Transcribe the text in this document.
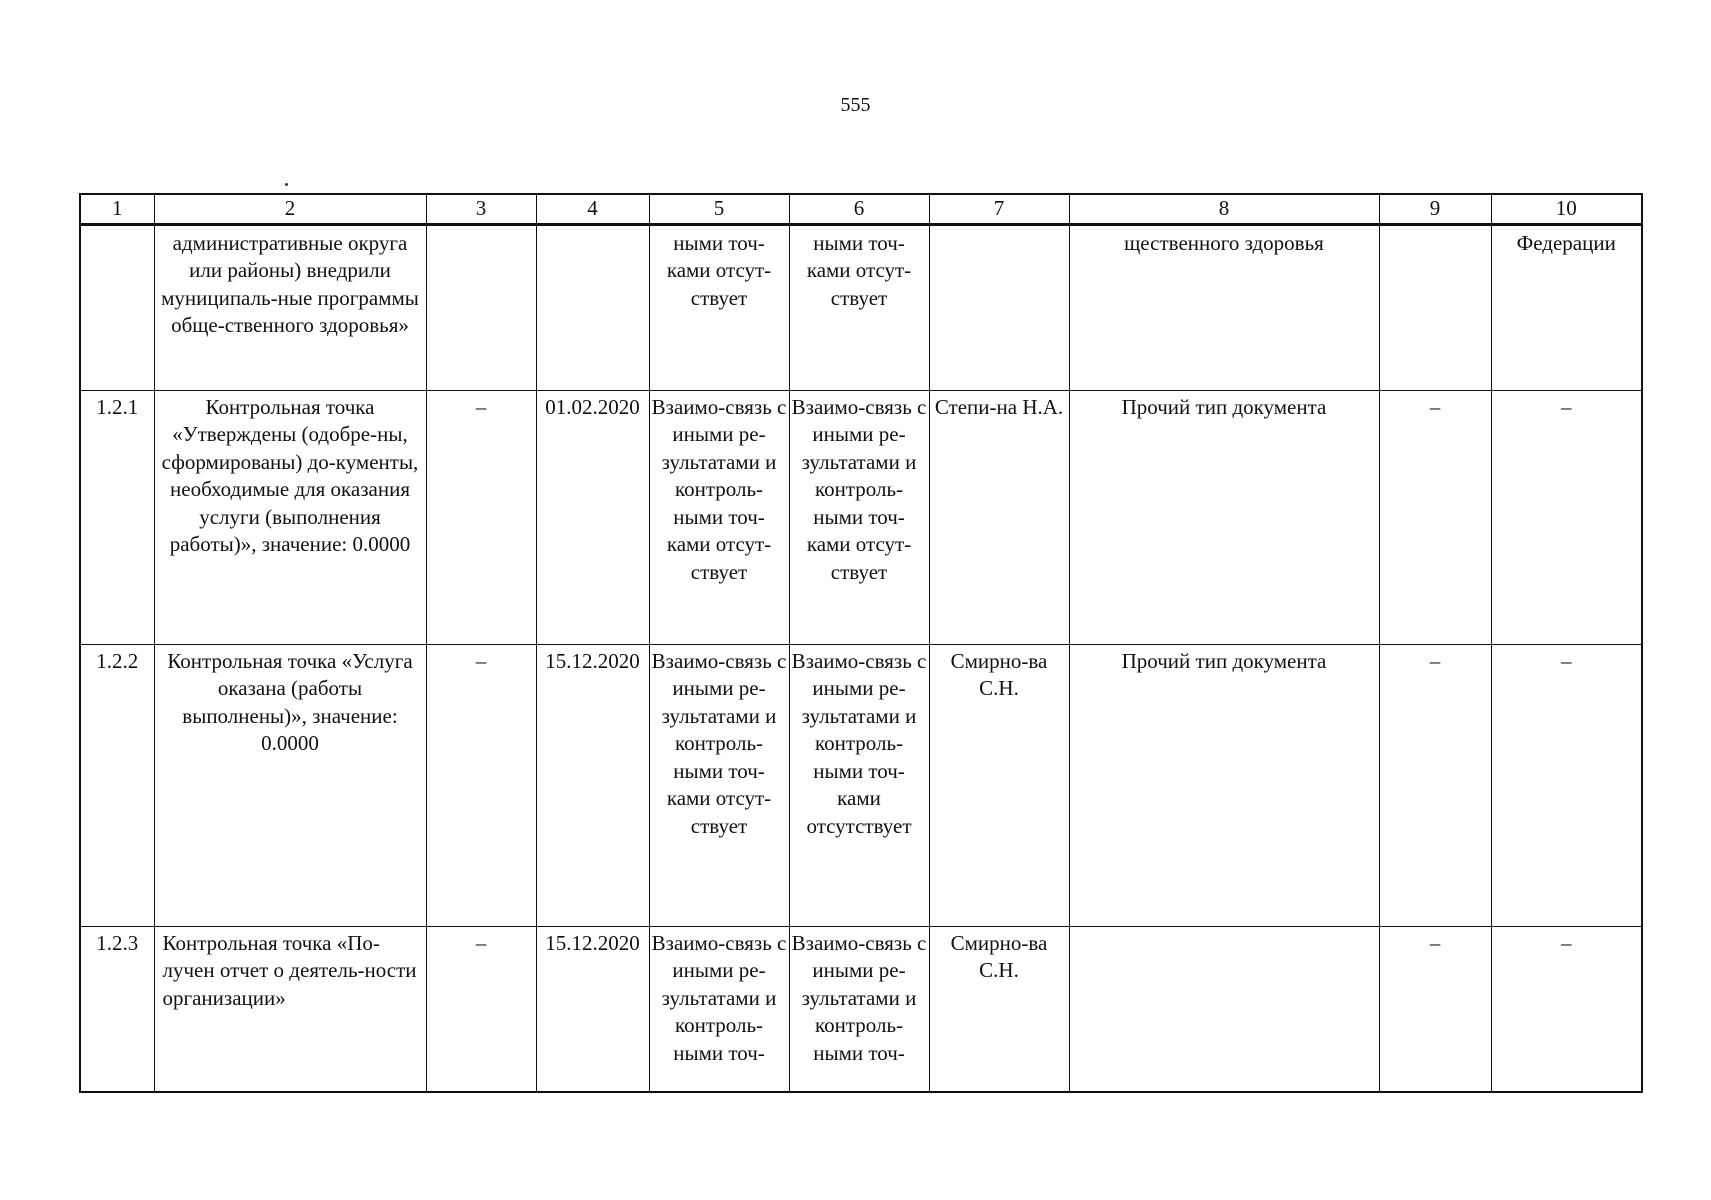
555
1	2	3	4	5	6	7	8	9	10
	административные округа или районы) внедрили муниципаль-ные программы обще-ственного здоровья»			ными точ-ками отсут-ствует	ными точ-ками отсут-ствует		щественного здоровья		Федерации
1.2.1	Контрольная точка «Утверждены (одобре-ны, сформированы) до-кументы, необходимые для оказания услуги (выполнения работы)», значение: 0.0000	–	01.02.2020	Взаимо-связь с иными ре-зультатами и контроль-ными точ-ками отсут-ствует	Взаимо-связь с иными ре-зультатами и контроль-ными точ-ками отсут-ствует	Степи-на Н.А.	Прочий тип документа	–	–
1.2.2	Контрольная точка «Услуга оказана (работы выполнены)», значение: 0.0000	–	15.12.2020	Взаимо-связь с иными ре-зультатами и контроль-ными точ-ками отсут-ствует	Взаимо-связь с иными ре-зультатами и контроль-ными точ-ками отсутствует	Смирно-ва С.Н.	Прочий тип документа	–	–
1.2.3	Контрольная точка «По-лучен отчет о деятель-ности организации»	–	15.12.2020	Взаимо-связь с иными ре-зультатами и контроль-ными точ-	Взаимо-связь с иными ре-зультатами и контроль-ными точ-	Смирно-ва С.Н.		–	–
